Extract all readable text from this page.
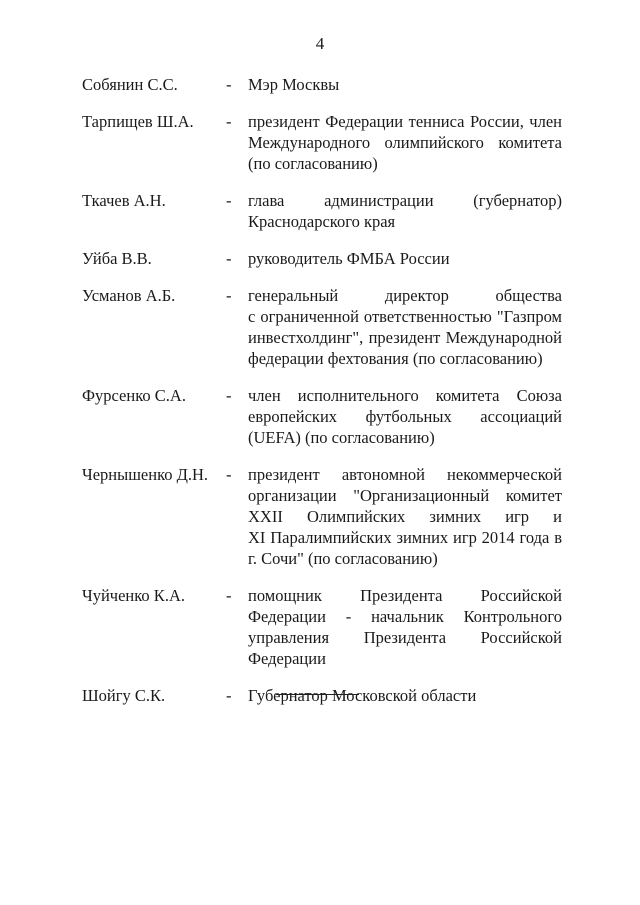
4
Собянин С.С.	-	Мэр Москвы
Тарпищев Ш.А.	-	президент Федерации тенниса России, член
Международного олимпийского комитета
(по согласованию)
Ткачев А.Н.	-	глава администрации (губернатор)
Краснодарского края
Уйба В.В.	-	руководитель ФМБА России
Усманов А.Б.	-	генеральный директор общества
с ограниченной ответственностью "Газпром
инвестхолдинг", президент Международной
федерации фехтования (по согласованию)
Фурсенко С.А.	-	член исполнительного комитета Союза
европейских футбольных ассоциаций
(UEFA) (по согласованию)
Чернышенко Д.Н.	-	президент автономной некоммерческой
организации "Организационный комитет
XXII Олимпийских зимних игр и
XI Паралимпийских зимних игр 2014 года в
г. Сочи" (по согласованию)
Чуйченко К.А.	-	помощник Президента Российской
Федерации - начальник Контрольного
управления Президента Российской
Федерации
Шойгу С.К.	-	Губернатор Московской области
